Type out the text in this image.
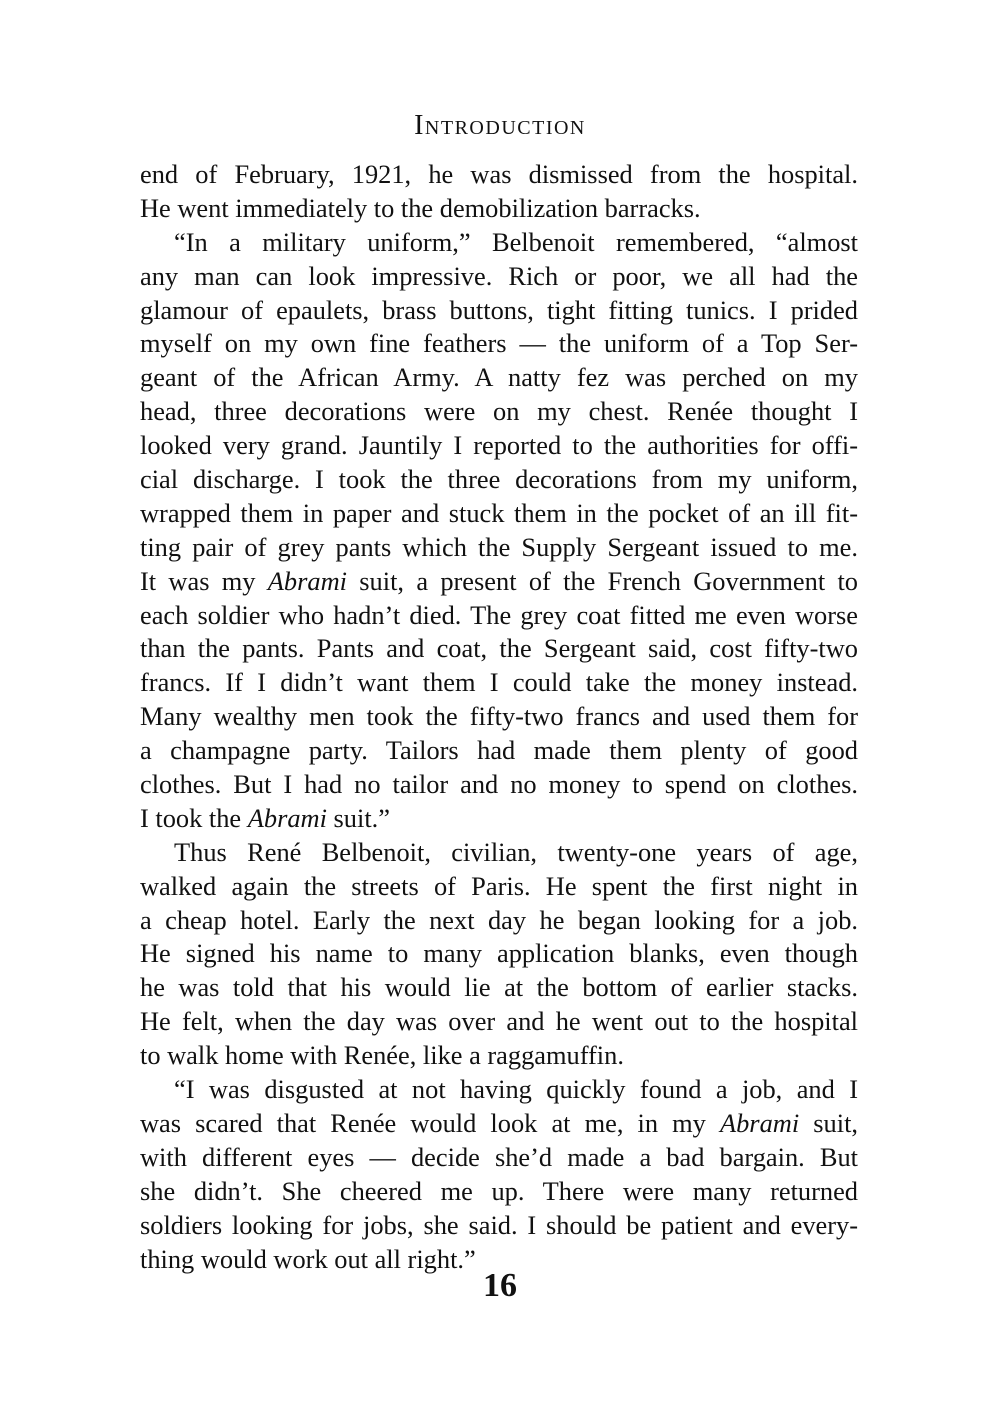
Introduction
end of February, 1921, he was dismissed from the hospital.
He went immediately to the demobilization barracks.
“In a military uniform,” Belbenoit remembered, “almost
any man can look impressive. Rich or poor, we all had the
glamour of epaulets, brass buttons, tight fitting tunics. I prided
myself on my own fine feathers — the uniform of a Top Ser-
geant of the African Army. A natty fez was perched on my
head, three decorations were on my chest. Renée thought I
looked very grand. Jauntily I reported to the authorities for offi-
cial discharge. I took the three decorations from my uniform,
wrapped them in paper and stuck them in the pocket of an ill fit-
ting pair of grey pants which the Supply Sergeant issued to me.
It was my Abrami suit, a present of the French Government to
each soldier who hadn’t died. The grey coat fitted me even worse
than the pants. Pants and coat, the Sergeant said, cost fifty-two
francs. If I didn’t want them I could take the money instead.
Many wealthy men took the fifty-two francs and used them for
a champagne party. Tailors had made them plenty of good
clothes. But I had no tailor and no money to spend on clothes.
I took the Abrami suit.”
Thus René Belbenoit, civilian, twenty-one years of age,
walked again the streets of Paris. He spent the first night in
a cheap hotel. Early the next day he began looking for a job.
He signed his name to many application blanks, even though
he was told that his would lie at the bottom of earlier stacks.
He felt, when the day was over and he went out to the hospital
to walk home with Renée, like a raggamuffin.
“I was disgusted at not having quickly found a job, and I
was scared that Renée would look at me, in my Abrami suit,
with different eyes — decide she’d made a bad bargain. But
she didn’t. She cheered me up. There were many returned
soldiers looking for jobs, she said. I should be patient and every-
thing would work out all right.”
16
